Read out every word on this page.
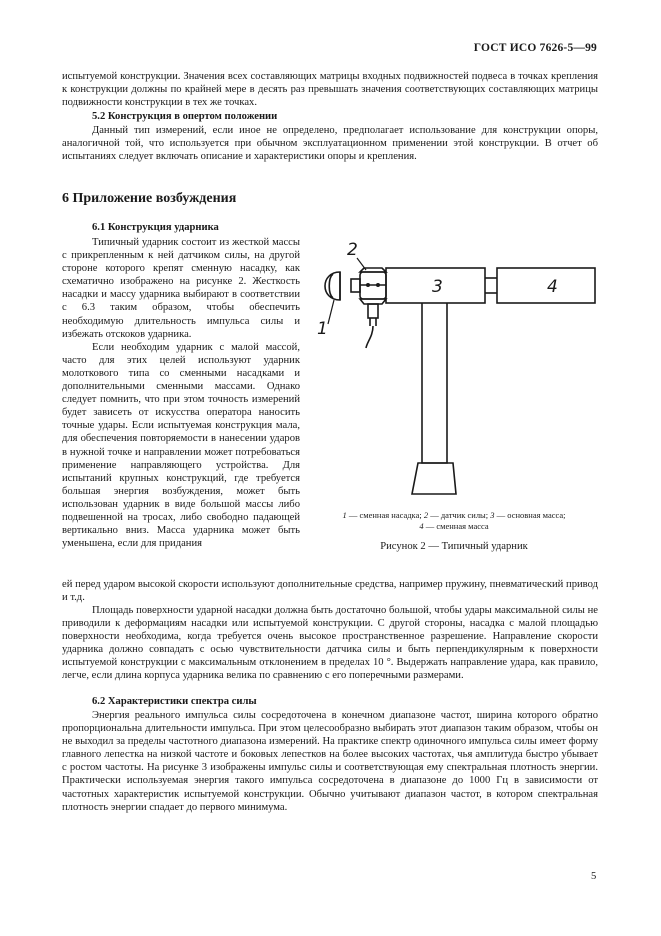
ГОСТ ИСО 7626-5—99

испытуемой конструкции. Значения всех составляющих матрицы входных подвижностей подвеса в точках крепления к конструкции должны по крайней мере в десять раз превышать значения соответствующих составляющих матрицы подвижности конструкции в тех же точках.

5.2 Конструкция в опертом положении

Данный тип измерений, если иное не определено, предполагает использование для конструкции опоры, аналогичной той, что используется при обычном эксплуатационном применении этой конструкции. В отчет об испытаниях следует включать описание и характеристики опоры и крепления.

6 Приложение возбуждения

6.1 Конструкция ударника

Типичный ударник состоит из жесткой массы с прикрепленным к ней датчиком силы, на другой стороне которого крепят сменную насадку, как схематично изображено на рисунке 2. Жесткость насадки и массу ударника выбирают в соответствии с 6.3 таким образом, чтобы обеспечить необходимую длительность импульса силы и избежать отскоков ударника.

Если необходим ударник с малой массой, часто для этих целей используют ударник молоткового типа со сменными насадками и дополнительными сменными массами. Однако следует помнить, что при этом точность измерений будет зависеть от искусства оператора наносить точные удары. Если испытуемая конструкция мала, для обеспечения повторяемости в нанесении ударов в нужной точке и направлении может потребоваться применение направляющего устройства. Для испытаний крупных конструкций, где требуется большая энергия возбуждения, может быть использован ударник в виде большой массы либо подвешенной на тросах, либо свободно падающей вертикально вниз. Масса ударника может быть уменьшена, если для придания

2
1
3	4

1 — сменная насадка; 2 — датчик силы; 3 — основная масса;
4 — сменная масса

Рисунок 2 — Типичный ударник

ей перед ударом высокой скорости используют дополнительные средства, например пружину, пневматический привод и т.д.

Площадь поверхности ударной насадки должна быть достаточно большой, чтобы удары максимальной силы не приводили к деформациям насадки или испытуемой конструкции. С другой стороны, насадка с малой площадью поверхности необходима, когда требуется очень высокое пространственное разрешение. Направление скорости ударника должно совпадать с осью чувствительности датчика силы и быть перпендикулярным к поверхности испытуемой конструкции с максимальным отклонением в пределах 10 °. Выдержать направление удара, как правило, легче, если длина корпуса ударника велика по сравнению с его поперечными размерами.

6.2 Характеристики спектра силы

Энергия реального импульса силы сосредоточена в конечном диапазоне частот, ширина которого обратно пропорциональна длительности импульса. При этом целесообразно выбирать этот диапазон таким образом, чтобы он не выходил за пределы частотного диапазона измерений. На практике спектр одиночного импульса силы имеет форму главного лепестка на низкой частоте и боковых лепестков на более высоких частотах, чья амплитуда быстро убывает с ростом частоты. На рисунке 3 изображены импульс силы и соответствующая ему спектральная плотность энергии. Практически используемая энергия такого импульса сосредоточена в диапазоне до 1000 Гц в зависимости от частотных характеристик испытуемой конструкции. Обычно учитывают диапазон частот, в котором спектральная плотность энергии спадает до первого минимума.

5
